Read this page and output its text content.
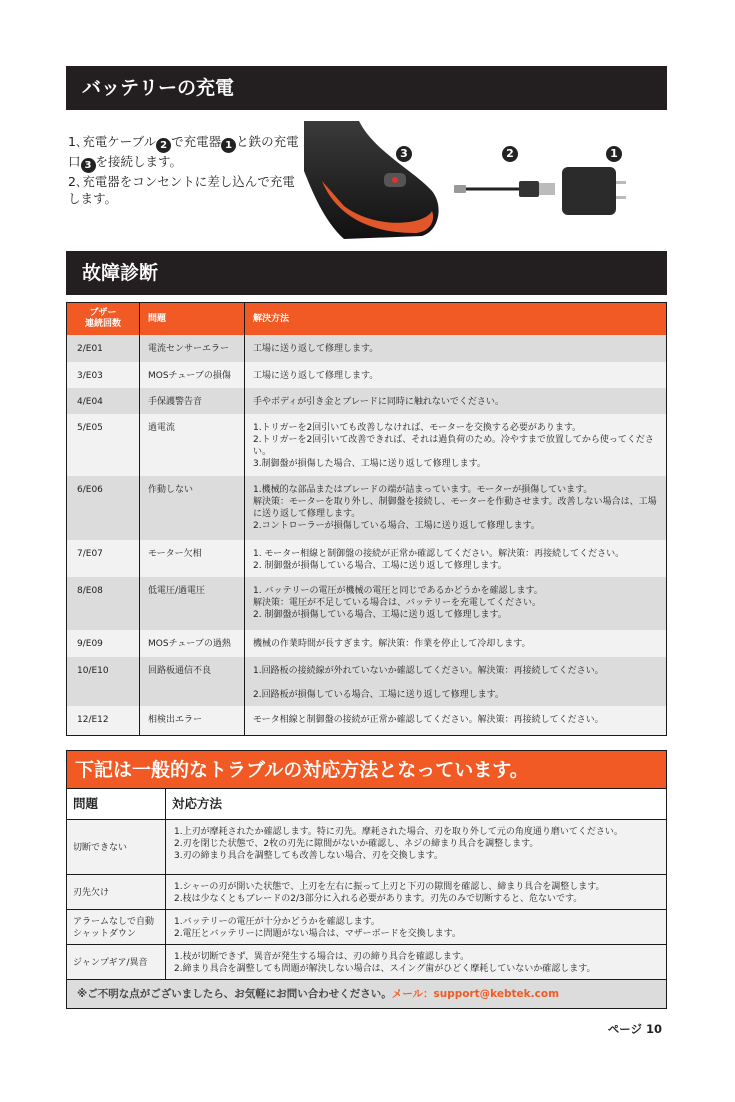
バッテリーの充電
1､充電ケーブル 2 で充電器 1 と鉄の充電口 3 を接続します。
2､充電器をコンセントに差し込んで充電します。
3	2	1
故障診断
ブザー
連続回数	問題	解決方法
2/E01	電流センサーエラー	工場に送り返して修理します。
3/E03	MOSチューブの損傷	工場に送り返して修理します。
4/E04	手保護警告音	手やボディが引き金とブレードに同時に触れないでください。
5/E05	過電流	1.トリガーを2回引いても改善しなければ、モーターを交換する必要があります。
2.トリガーを2回引いて改善できれば、それは過負荷のため。冷やすまで放置してから使ってください。
3.制御盤が損傷した場合、工場に送り返して修理します。
6/E06	作動しない	1.機械的な部品またはブレードの端が詰まっています。モーターが損傷しています。
解決策：モーターを取り外し、制御盤を接続し、モーターを作動させます。改善しない場合は、工場に送り返して修理します。
2.コントローラーが損傷している場合、工場に送り返して修理します。
7/E07	モーター欠相	1. モーター相線と制御盤の接続が正常か確認してください。解決策：再接続してください。
2. 制御盤が損傷している場合、工場に送り返して修理します。
8/E08	低電圧/過電圧	1. バッテリーの電圧が機械の電圧と同じであるかどうかを確認します。
解決策：電圧が不足している場合は、バッテリーを充電してください。
2. 制御盤が損傷している場合、工場に送り返して修理します。
9/E09	MOSチューブの過熱	機械の作業時間が長すぎます。解決策：作業を停止して冷却します。
10/E10	回路板通信不良	1.回路板の接続線が外れていないか確認してください。解決策：再接続してください。

2.回路板が損傷している場合、工場に送り返して修理します。
12/E12	相検出エラー	モータ相線と制御盤の接続が正常か確認してください。解決策：再接続してください。
下記は一般的なトラブルの対応方法となっています。
問題	対応方法
切断できない	1.上刃が摩耗されたか確認します。特に刃先。摩耗された場合、刃を取り外して元の角度通り磨いてください。
2.刃を閉じた状態で、2枚の刃先に隙間がないか確認し、ネジの締まり具合を調整します。
3.刃の締まり具合を調整しても改善しない場合、刃を交換します。
刃先欠け	1.シャーの刃が開いた状態で、上刃を左右に振って上刃と下刃の隙間を確認し、締まり具合を調整します。
2.枝は少なくともブレードの2/3部分に入れる必要があります。刃先のみで切断すると、危ないです。
アラームなしで自動シャットダウン	1.バッテリーの電圧が十分かどうかを確認します。
2.電圧とバッテリーに問題がない場合は、マザーボードを交換します。
ジャンプギア/異音	1.枝が切断できず、異音が発生する場合は、刃の締り具合を確認します。
2.締まり具合を調整しても問題が解決しない場合は、スイング歯がひどく摩耗していないか確認します。
※ご不明な点がございましたら、お気軽にお問い合わせください。メール：support@kebtek.com	
ページ 10
